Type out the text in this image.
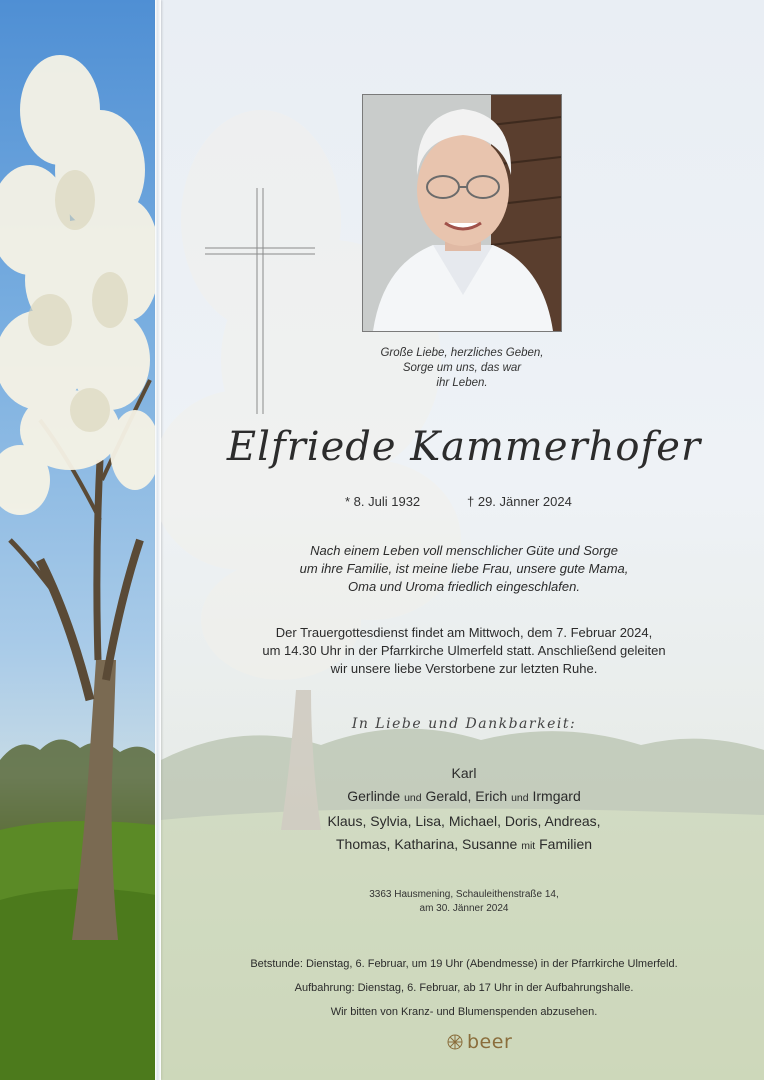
Große Liebe, herzliches Geben,
Sorge um uns, das war
ihr Leben.
Elfriede Kammerhofer
* 8. Juli 1932	† 29. Jänner 2024
Nach einem Leben voll menschlicher Güte und Sorge
um ihre Familie, ist meine liebe Frau, unsere gute Mama,
Oma und Uroma friedlich eingeschlafen.
Der Trauergottesdienst findet am Mittwoch, dem 7. Februar 2024,
um 14.30 Uhr in der Pfarrkirche Ulmerfeld statt. Anschließend geleiten
wir unsere liebe Verstorbene zur letzten Ruhe.
In Liebe und Dankbarkeit:
Karl
Gerlinde und Gerald, Erich und Irmgard
Klaus, Sylvia, Lisa, Michael, Doris, Andreas,
Thomas, Katharina, Susanne mit Familien
3363 Hausmening, Schauleithenstraße 14,
am 30. Jänner 2024
Betstunde: Dienstag, 6. Februar, um 19 Uhr (Abendmesse) in der Pfarrkirche Ulmerfeld.
Aufbahrung: Dienstag, 6. Februar, ab 17 Uhr in der Aufbahrungshalle.
Wir bitten von Kranz- und Blumenspenden abzusehen.
beer
